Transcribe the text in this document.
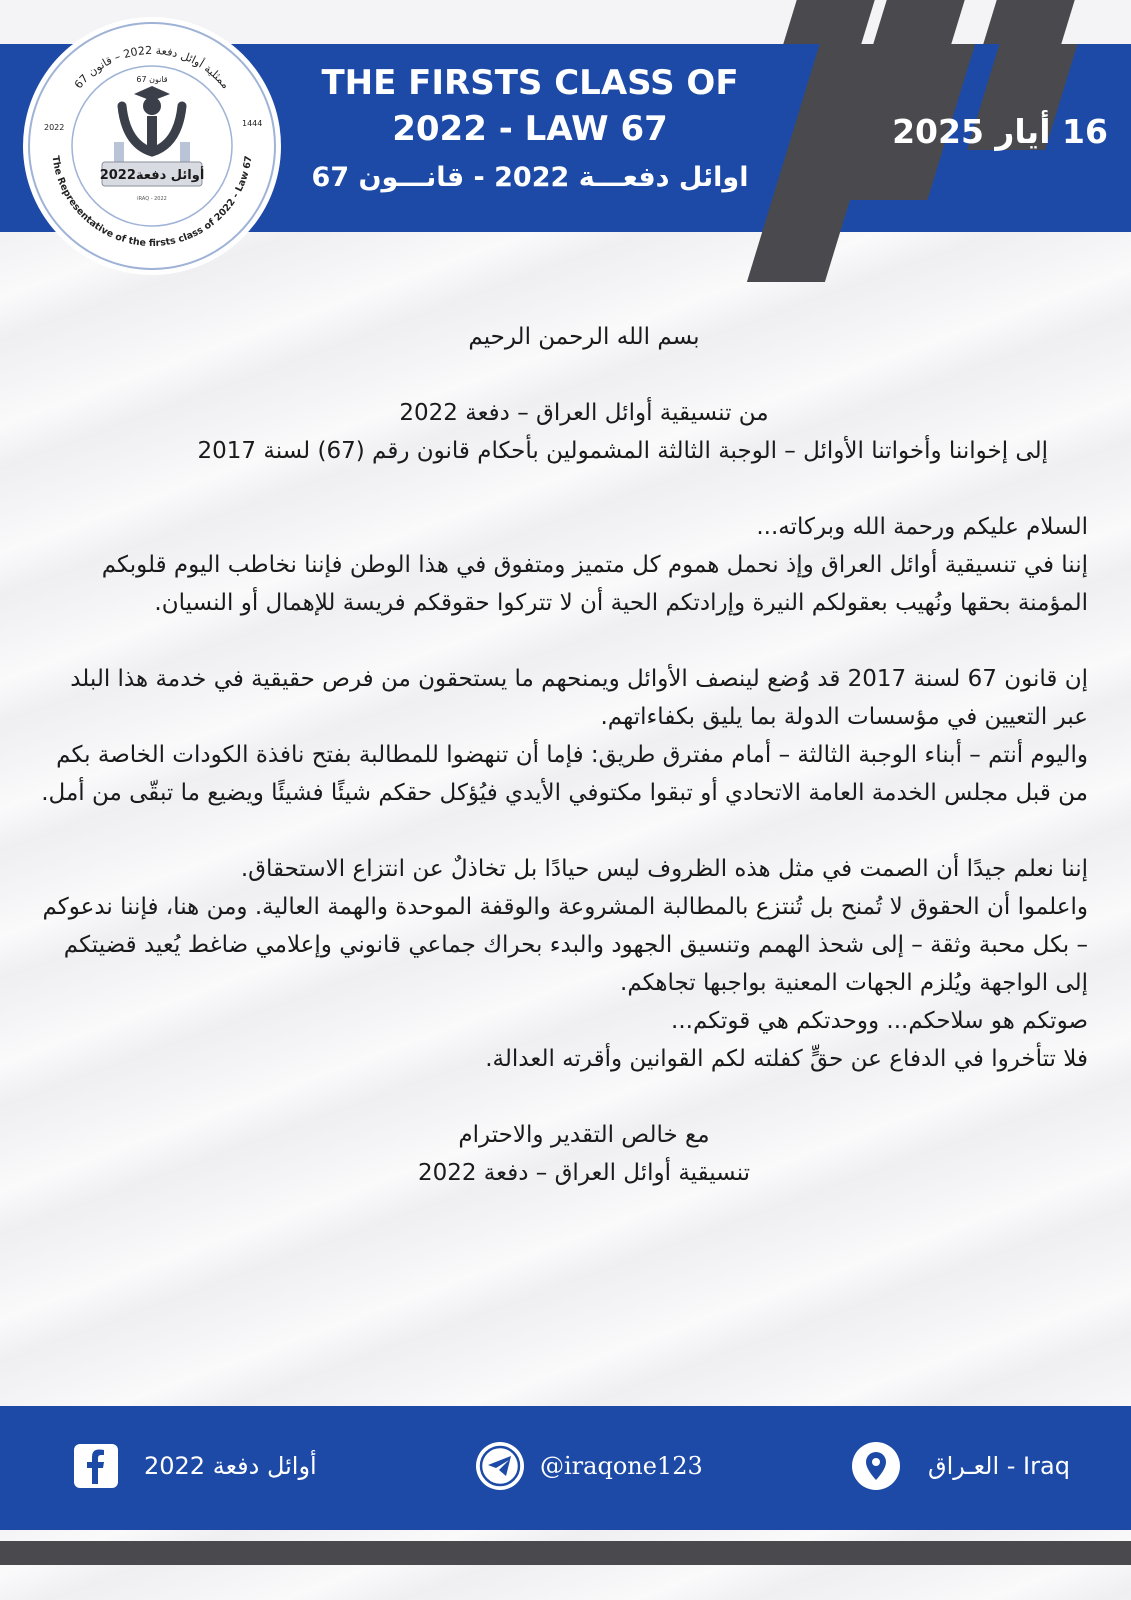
THE FIRSTS CLASS OF
2022 - LAW 67
اوائل دفعـــة 2022 - قانـــون 67
16 أيار 2025
ممثلية أوائل دفعة 2022 – قانون 67
The Representative of the firsts class of 2022 - Law 67
2022	1444
قانون 67
أوائل دفعة2022
IRAQ - 2022

بسم الله الرحمن الرحيم

من تنسيقية أوائل العراق – دفعة 2022

إلى إخواننا وأخواتنا الأوائل – الوجبة الثالثة المشمولين بأحكام قانون رقم (67) لسنة 2017

السلام عليكم ورحمة الله وبركاته...

إننا في تنسيقية أوائل العراق وإذ نحمل هموم كل متميز ومتفوق في هذا الوطن فإننا نخاطب اليوم قلوبكم المؤمنة بحقها ونُهيب بعقولكم النيرة وإرادتكم الحية أن لا تتركوا حقوقكم فريسة للإهمال أو النسيان.

إن قانون 67 لسنة 2017 قد وُضع لينصف الأوائل ويمنحهم ما يستحقون من فرص حقيقية في خدمة هذا البلد عبر التعيين في مؤسسات الدولة بما يليق بكفاءاتهم.

واليوم أنتم – أبناء الوجبة الثالثة – أمام مفترق طريق: فإما أن تنهضوا للمطالبة بفتح نافذة الكودات الخاصة بكم من قبل مجلس الخدمة العامة الاتحادي أو تبقوا مكتوفي الأيدي فيُؤكل حقكم شيئًا فشيئًا ويضيع ما تبقّى من أمل.

إننا نعلم جيدًا أن الصمت في مثل هذه الظروف ليس حيادًا بل تخاذلٌ عن انتزاع الاستحقاق.

واعلموا أن الحقوق لا تُمنح بل تُنتزع بالمطالبة المشروعة والوقفة الموحدة والهمة العالية. ومن هنا، فإننا ندعوكم – بكل محبة وثقة – إلى شحذ الهمم وتنسيق الجهود والبدء بحراك جماعي قانوني وإعلامي ضاغط يُعيد قضيتكم إلى الواجهة ويُلزم الجهات المعنية بواجبها تجاهكم.

صوتكم هو سلاحكم... ووحدتكم هي قوتكم...

فلا تتأخروا في الدفاع عن حقٍّ كفلته لكم القوانين وأقرته العدالة.

مع خالص التقدير والاحترام

تنسيقية أوائل العراق – دفعة 2022

أوائل دفعة 2022	@iraqone123	العـراق - Iraq
